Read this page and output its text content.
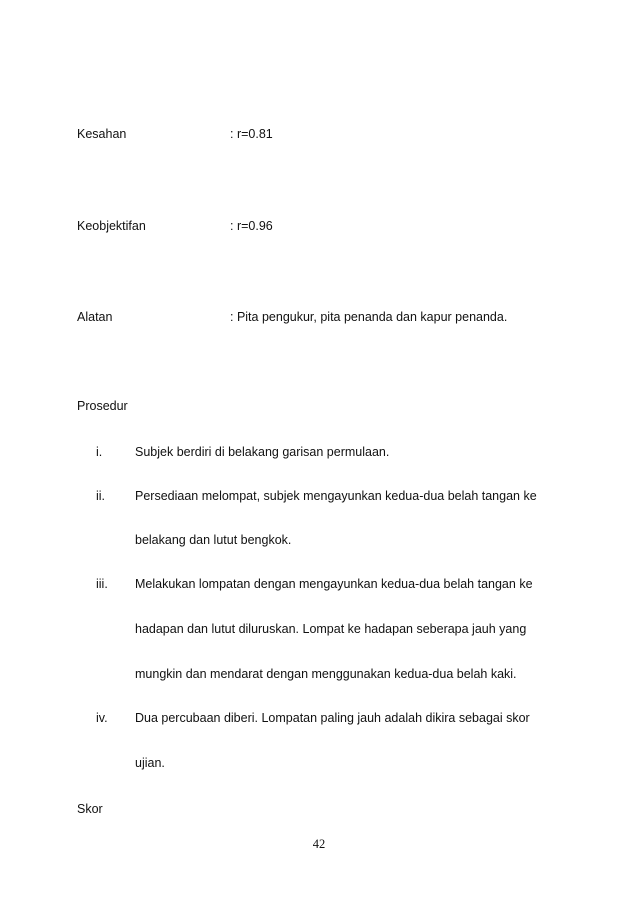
Kesahan	: r=0.81
Keobjektifan	: r=0.96
Alatan	: Pita pengukur, pita penanda dan kapur penanda.
Prosedur
i.	Subjek berdiri di belakang garisan permulaan.
ii. Persediaan melompat, subjek mengayunkan kedua-dua belah tangan ke
belakang dan lutut bengkok.
iii. Melakukan lompatan dengan mengayunkan kedua-dua belah tangan ke
hadapan dan lutut diluruskan. Lompat ke hadapan seberapa jauh yang
mungkin dan mendarat dengan menggunakan kedua-dua belah kaki.
iv. Dua percubaan diberi. Lompatan paling jauh adalah dikira sebagai skor
ujian.
Skor
42
